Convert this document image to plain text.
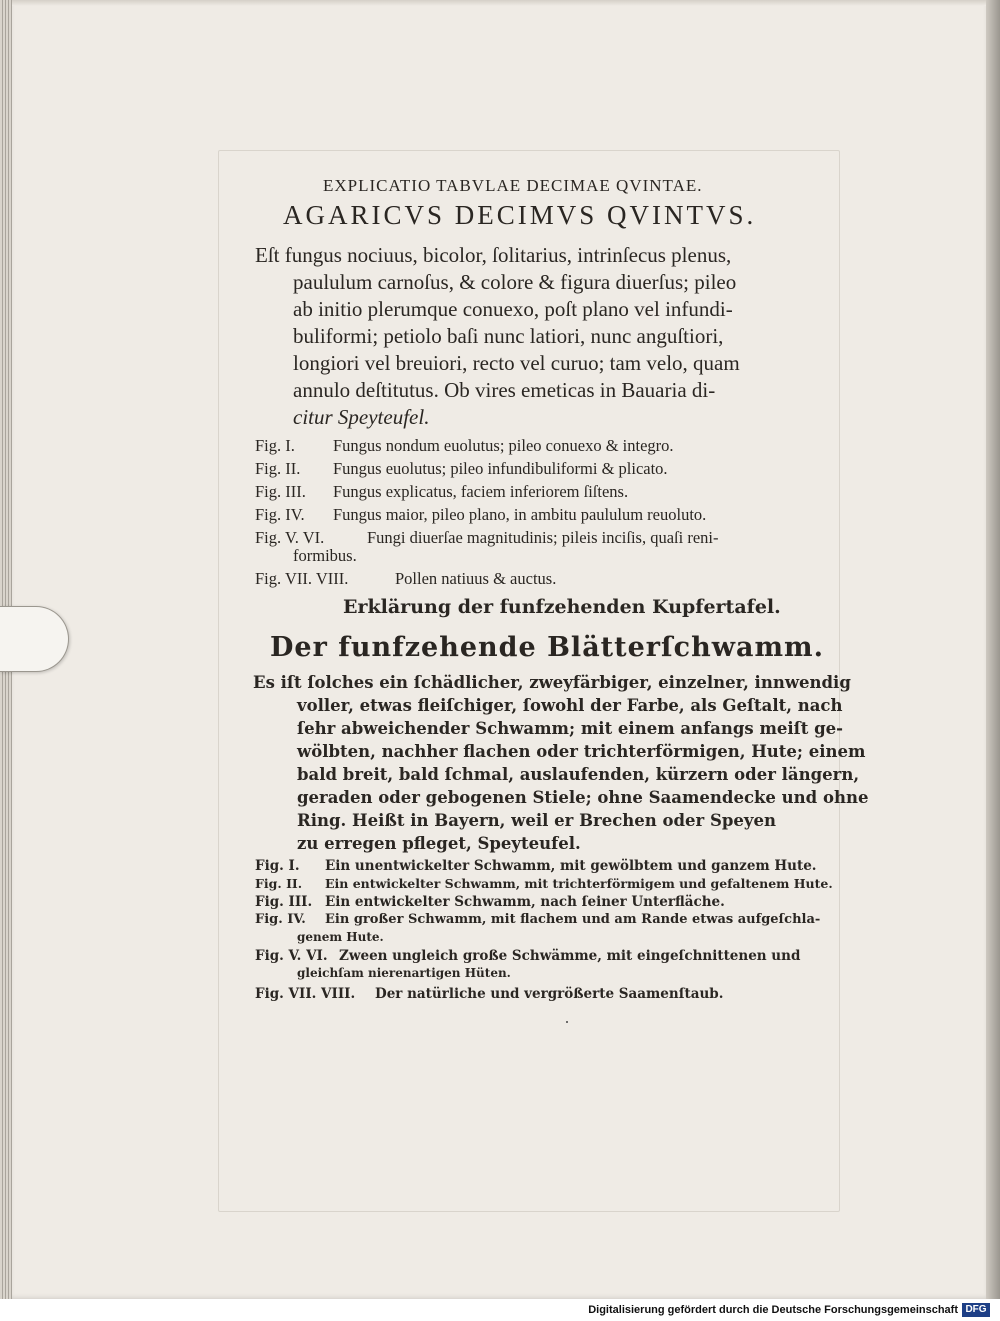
EXPLICATIO TABVLAE DECIMAE QVINTAE.
AGARICVS DECIMVS QVINTVS.
Eſt fungus nociuus, bicolor, ſolitarius, intrinſecus plenus,
paululum carnoſus, & colore & figura diuerſus; pileo
ab initio plerumque conuexo, poſt plano vel infundi-
buliformi; petiolo baſi nunc latiori, nunc anguſtiori,
longiori vel breuiori, recto vel curuo; tam velo, quam
annulo deſtitutus. Ob vires emeticas in Bauaria di-
citur Speyteufel.
Fig. I. Fungus nondum euolutus; pileo conuexo & integro.
Fig. II. Fungus euolutus; pileo infundibuliformi & plicato.
Fig. III. Fungus explicatus, faciem inferiorem ſiſtens.
Fig. IV. Fungus maior, pileo plano, in ambitu paululum reuoluto.
Fig. V. VI.	Fungi diuerſae magnitudinis; pileis inciſis, quaſi reni-
formibus.
Fig. VII. VIII.	Pollen natiuus & auctus.
Erklärung der funfzehenden Kupfertafel.
Der funfzehende Blätterſchwamm.
Es iſt ſolches ein ſchädlicher, zweyfärbiger, einzelner, innwendig
voller, etwas fleiſchiger, ſowohl der Farbe, als Geſtalt, nach
ſehr abweichender Schwamm; mit einem anfangs meiſt ge-
wölbten, nachher flachen oder trichterförmigen, Hute; einem
bald breit, bald ſchmal, auslaufenden, kürzern oder längern,
geraden oder gebogenen Stiele; ohne Saamendecke und ohne
Ring. Heißt in Bayern, weil er Brechen oder Speyen
zu erregen pfleget, Speyteufel.
Fig. I. Ein unentwickelter Schwamm, mit gewölbtem und ganzem Hute.
Fig. II. Ein entwickelter Schwamm, mit trichterförmigem und gefaltenem Hute.
Fig. III. Ein entwickelter Schwamm, nach ſeiner Unterfläche.
Fig. IV. Ein großer Schwamm, mit flachem und am Rande etwas aufgeſchla-
genem Hute.
Fig. V. VI. Zween ungleich große Schwämme, mit eingeſchnittenen und
gleichſam nierenartigen Hüten.
Fig. VII. VIII. Der natürliche und vergrößerte Saamenſtaub.
Digitalisierung gefördert durch die Deutsche Forschungsgemeinschaft DFG
